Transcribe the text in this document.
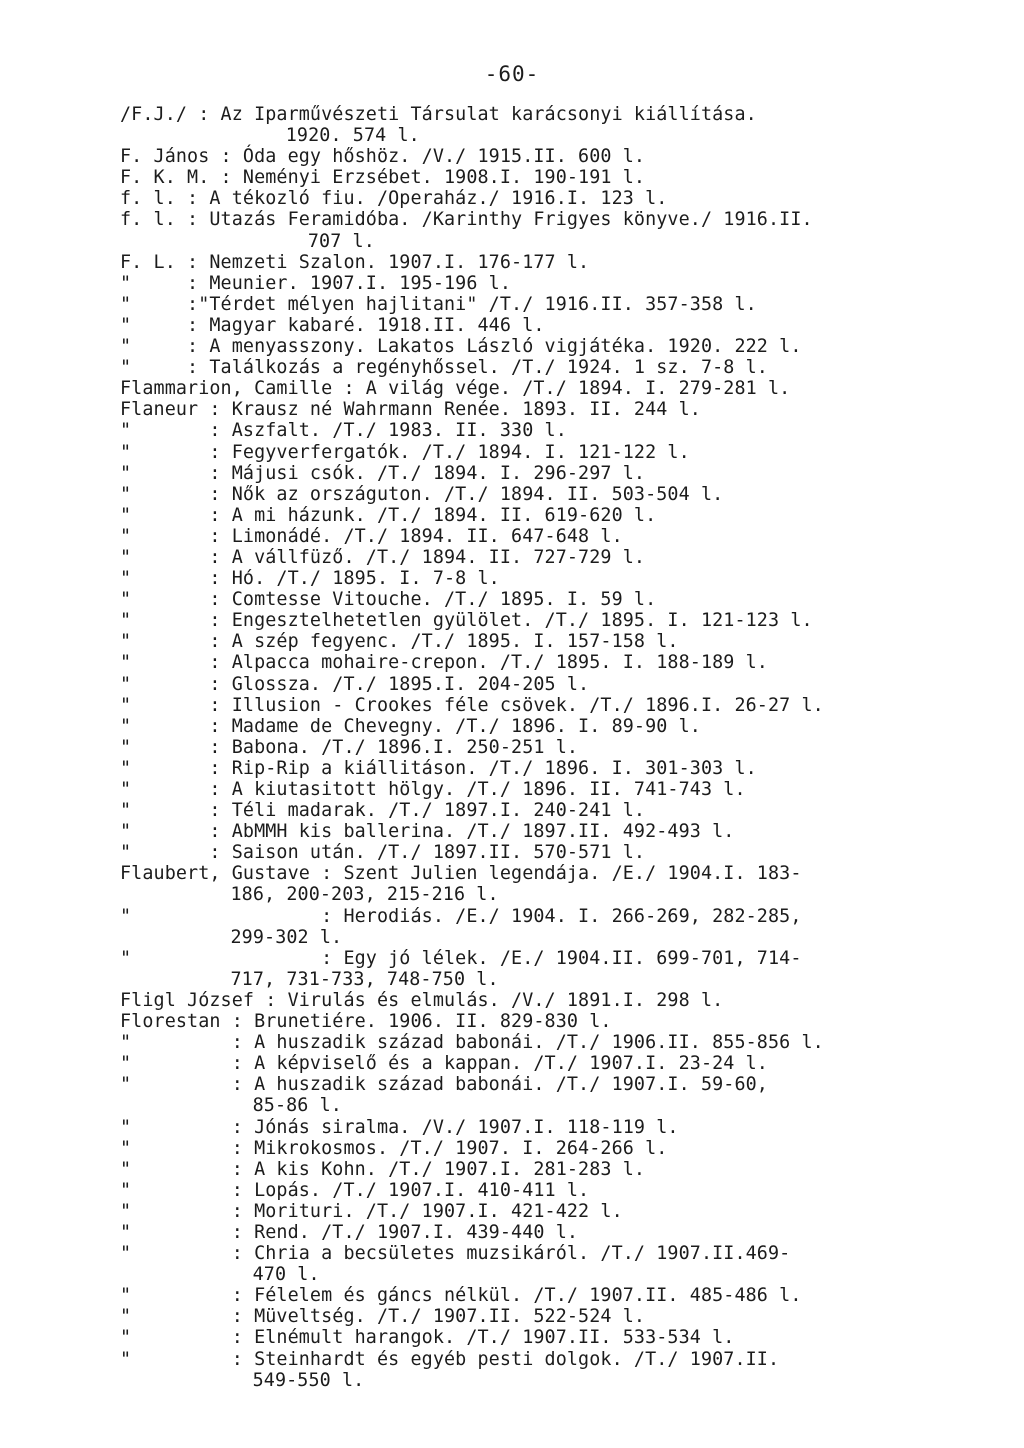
-60-
/F.J./ : Az Iparművészeti Társulat karácsonyi kiállítása.
1920. 574 l.
F. János : Óda egy hőshöz. /V./ 1915.II. 600 l.
F. K. M. : Neményi Erzsébet. 1908.I. 190-191 l.
f. l. : A tékozló fiu. /Operaház./ 1916.I. 123 l.
f. l. : Utazás Feramidóba. /Karinthy Frigyes könyve./ 1916.II.
707 l.
F. L. : Nemzeti Szalon. 1907.I. 176-177 l.
"     : Meunier. 1907.I. 195-196 l.
"     :"Térdet mélyen hajlitani" /T./ 1916.II. 357-358 l.
"     : Magyar kabaré. 1918.II. 446 l.
"     : A menyasszony. Lakatos László vigjátéka. 1920. 222 l.
"     : Találkozás a regényhőssel. /T./ 1924. 1 sz. 7-8 l.
Flammarion, Camille : A világ vége. /T./ 1894. I. 279-281 l.
Flaneur : Krausz né Wahrmann Renée. 1893. II. 244 l.
"       : Aszfalt. /T./ 1983. II. 330 l.
"       : Fegyverfergatók. /T./ 1894. I. 121-122 l.
"       : Májusi csók. /T./ 1894. I. 296-297 l.
"       : Nők az országuton. /T./ 1894. II. 503-504 l.
"       : A mi házunk. /T./ 1894. II. 619-620 l.
"       : Limonádé. /T./ 1894. II. 647-648 l.
"       : A vállfüző. /T./ 1894. II. 727-729 l.
"       : Hó. /T./ 1895. I. 7-8 l.
"       : Comtesse Vitouche. /T./ 1895. I. 59 l.
"       : Engesztelhetetlen gyülölet. /T./ 1895. I. 121-123 l.
"       : A szép fegyenc. /T./ 1895. I. 157-158 l.
"       : Alpacca mohaire-crepon. /T./ 1895. I. 188-189 l.
"       : Glossza. /T./ 1895.I. 204-205 l.
"       : Illusion - Crookes féle csövek. /T./ 1896.I. 26-27 l.
"       : Madame de Chevegny. /T./ 1896. I. 89-90 l.
"       : Babona. /T./ 1896.I. 250-251 l.
"       : Rip-Rip a kiállitáson. /T./ 1896. I. 301-303 l.
"       : A kiutasitott hölgy. /T./ 1896. II. 741-743 l.
"       : Téli madarak. /T./ 1897.I. 240-241 l.
"       : AbMMH kis ballerina. /T./ 1897.II. 492-493 l.
"       : Saison után. /T./ 1897.II. 570-571 l.
Flaubert, Gustave : Szent Julien legendája. /E./ 1904.I. 183-
186, 200-203, 215-216 l.
"                 : Herodiás. /E./ 1904. I. 266-269, 282-285,
299-302 l.
"                 : Egy jó lélek. /E./ 1904.II. 699-701, 714-
717, 731-733, 748-750 l.
Fligl József : Virulás és elmulás. /V./ 1891.I. 298 l.
Florestan : Brunetiére. 1906. II. 829-830 l.
"         : A huszadik század babonái. /T./ 1906.II. 855-856 l.
"         : A képviselő és a kappan. /T./ 1907.I. 23-24 l.
"         : A huszadik század babonái. /T./ 1907.I. 59-60,
85-86 l.
"         : Jónás siralma. /V./ 1907.I. 118-119 l.
"         : Mikrokosmos. /T./ 1907. I. 264-266 l.
"         : A kis Kohn. /T./ 1907.I. 281-283 l.
"         : Lopás. /T./ 1907.I. 410-411 l.
"         : Morituri. /T./ 1907.I. 421-422 l.
"         : Rend. /T./ 1907.I. 439-440 l.
"         : Chria a becsületes muzsikáról. /T./ 1907.II.469-
470 l.
"         : Félelem és gáncs nélkül. /T./ 1907.II. 485-486 l.
"         : Müveltség. /T./ 1907.II. 522-524 l.
"         : Elnémult harangok. /T./ 1907.II. 533-534 l.
"         : Steinhardt és egyéb pesti dolgok. /T./ 1907.II.
549-550 l.
